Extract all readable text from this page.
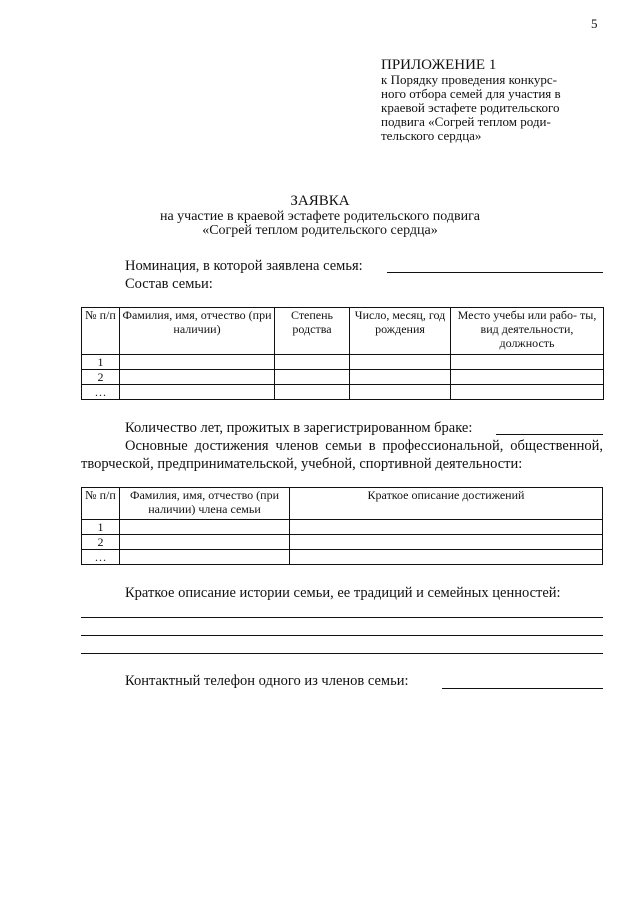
5
ПРИЛОЖЕНИЕ 1
к Порядку проведения конкурс-
ного отбора семей для участия в
краевой эстафете родительского
подвига «Согрей теплом роди-
тельского сердца»
ЗАЯВКА
на участие в краевой эстафете родительского подвига
«Согрей теплом родительского сердца»
Номинация, в которой заявлена семья:
Состав семьи:
№ п/п	Фамилия, имя, отчество (при наличии)	Степень родства	Число, месяц, год рождения	Место учебы или рабо- ты, вид деятельности, должность
1				
2				
…				
Количество лет, прожитых в зарегистрированном браке:
Основные достижения членов семьи в профессиональной, общественной,
творческой, предпринимательской, учебной, спортивной деятельности:
№ п/п	Фамилия, имя, отчество (при наличии) члена семьи	Краткое описание достижений
1		
2		
…		
Краткое описание истории семьи, ее традиций и семейных ценностей:
Контактный телефон одного из членов семьи:
